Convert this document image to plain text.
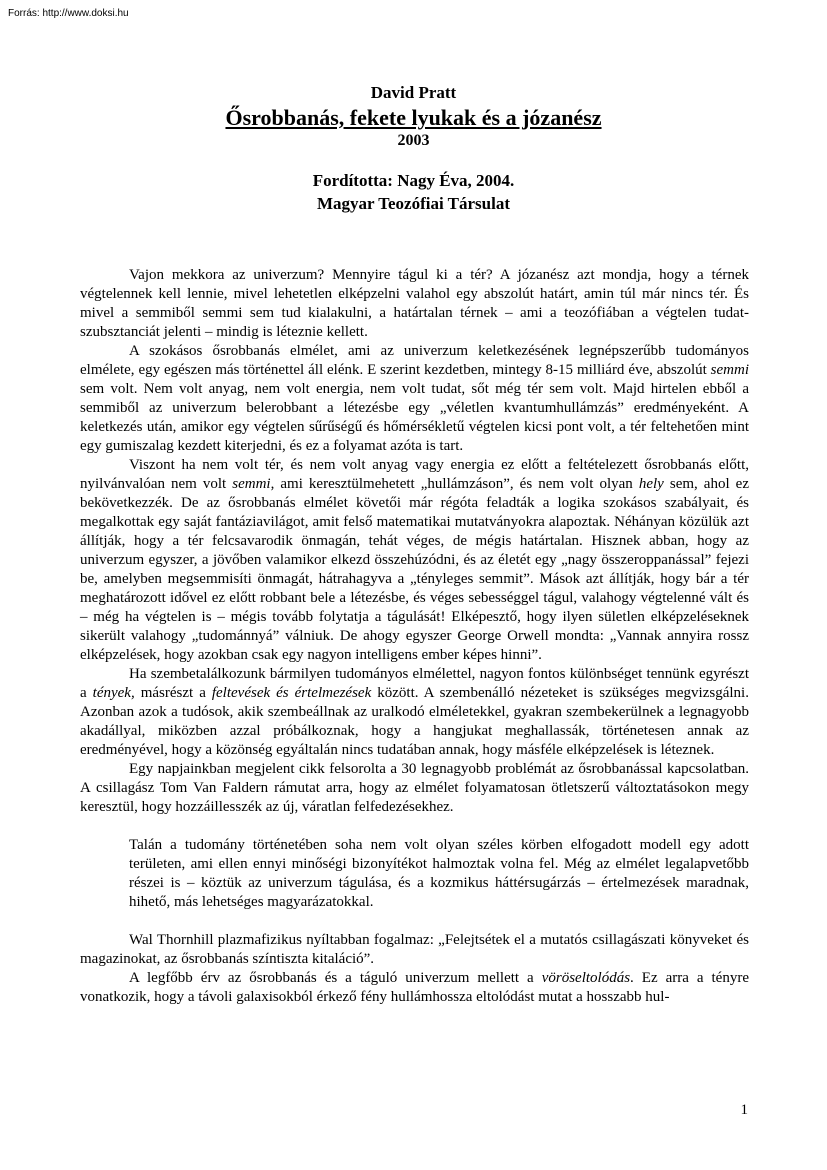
Forrás: http://www.doksi.hu
David Pratt
Ősrobbanás, fekete lyukak és a józanész
2003
Fordította: Nagy Éva, 2004.
Magyar Teozófiai Társulat

Vajon mekkora az univerzum? Mennyire tágul ki a tér? A józanész azt mondja, hogy a térnek végtelennek kell lennie, mivel lehetetlen elképzelni valahol egy abszolút határt, amin túl már nincs tér. És mivel a semmiből semmi sem tud kialakulni, a határtalan térnek – ami a teozófiában a végtelen tudat-szubsztanciát jelenti – mindig is léteznie kellett.

A szokásos ősrobbanás elmélet, ami az univerzum keletkezésének legnépszerűbb tudományos elmélete, egy egészen más történettel áll elénk. E szerint kezdetben, mintegy 8-15 milliárd éve, abszolút semmi sem volt. Nem volt anyag, nem volt energia, nem volt tudat, sőt még tér sem volt. Majd hirtelen ebből a semmiből az univerzum belerobbant a létezésbe egy „véletlen kvantumhullámzás” eredményeként. A keletkezés után, amikor egy végtelen sűrűségű és hőmérsékletű végtelen kicsi pont volt, a tér feltehetően mint egy gumiszalag kezdett kiterjedni, és ez a folyamat azóta is tart.

Viszont ha nem volt tér, és nem volt anyag vagy energia ez előtt a feltételezett ősrobbanás előtt, nyilvánvalóan nem volt semmi, ami keresztülmehetett „hullámzáson”, és nem volt olyan hely sem, ahol ez bekövetkezzék. De az ősrobbanás elmélet követői már régóta feladták a logika szokásos szabályait, és megalkottak egy saját fantáziavilágot, amit felső matematikai mutatványokra alapoztak. Néhányan közülük azt állítják, hogy a tér felcsavarodik önmagán, tehát véges, de mégis határtalan. Hisznek abban, hogy az univerzum egyszer, a jövőben valamikor elkezd összehúzódni, és az életét egy „nagy összeroppanással” fejezi be, amelyben megsemmisíti önmagát, hátrahagyva a „tényleges semmit”. Mások azt állítják, hogy bár a tér meghatározott idővel ez előtt robbant bele a létezésbe, és véges sebességgel tágul, valahogy végtelenné vált és – még ha végtelen is – mégis tovább folytatja a tágulását! Elképesztő, hogy ilyen sületlen elképzeléseknek sikerült valahogy „tudománnyá” válniuk. De ahogy egyszer George Orwell mondta: „Vannak annyira rossz elképzelések, hogy azokban csak egy nagyon intelligens ember képes hinni”.

Ha szembetalálkozunk bármilyen tudományos elmélettel, nagyon fontos különbséget tennünk egyrészt a tények, másrészt a feltevések és értelmezések között. A szembenálló nézeteket is szükséges megvizsgálni. Azonban azok a tudósok, akik szembeállnak az uralkodó elméletekkel, gyakran szembekerülnek a legnagyobb akadállyal, miközben azzal próbálkoznak, hogy a hangjukat meghallassák, történetesen annak az eredményével, hogy a közönség egyáltalán nincs tudatában annak, hogy másféle elképzelések is léteznek.

Egy napjainkban megjelent cikk felsorolta a 30 legnagyobb problémát az ősrobbanással kapcsolatban. A csillagász Tom Van Faldern rámutat arra, hogy az elmélet folyamatosan ötletszerű változtatásokon megy keresztül, hogy hozzáillesszék az új, váratlan felfedezésekhez.

Talán a tudomány történetében soha nem volt olyan széles körben elfogadott modell egy adott területen, ami ellen ennyi minőségi bizonyítékot halmoztak volna fel. Még az elmélet legalapvetőbb részei is – köztük az univerzum tágulása, és a kozmikus háttérsugárzás – értelmezések maradnak, hihető, más lehetséges magyarázatokkal.

Wal Thornhill plazmafizikus nyíltabban fogalmaz: „Felejtsétek el a mutatós csillagászati könyveket és magazinokat, az ősrobbanás színtiszta kitaláció”.

A legfőbb érv az ősrobbanás és a táguló univerzum mellett a vöröseltolódás. Ez arra a tényre vonatkozik, hogy a távoli galaxisokból érkező fény hullámhossza eltolódást mutat a hosszabb hul-

1
